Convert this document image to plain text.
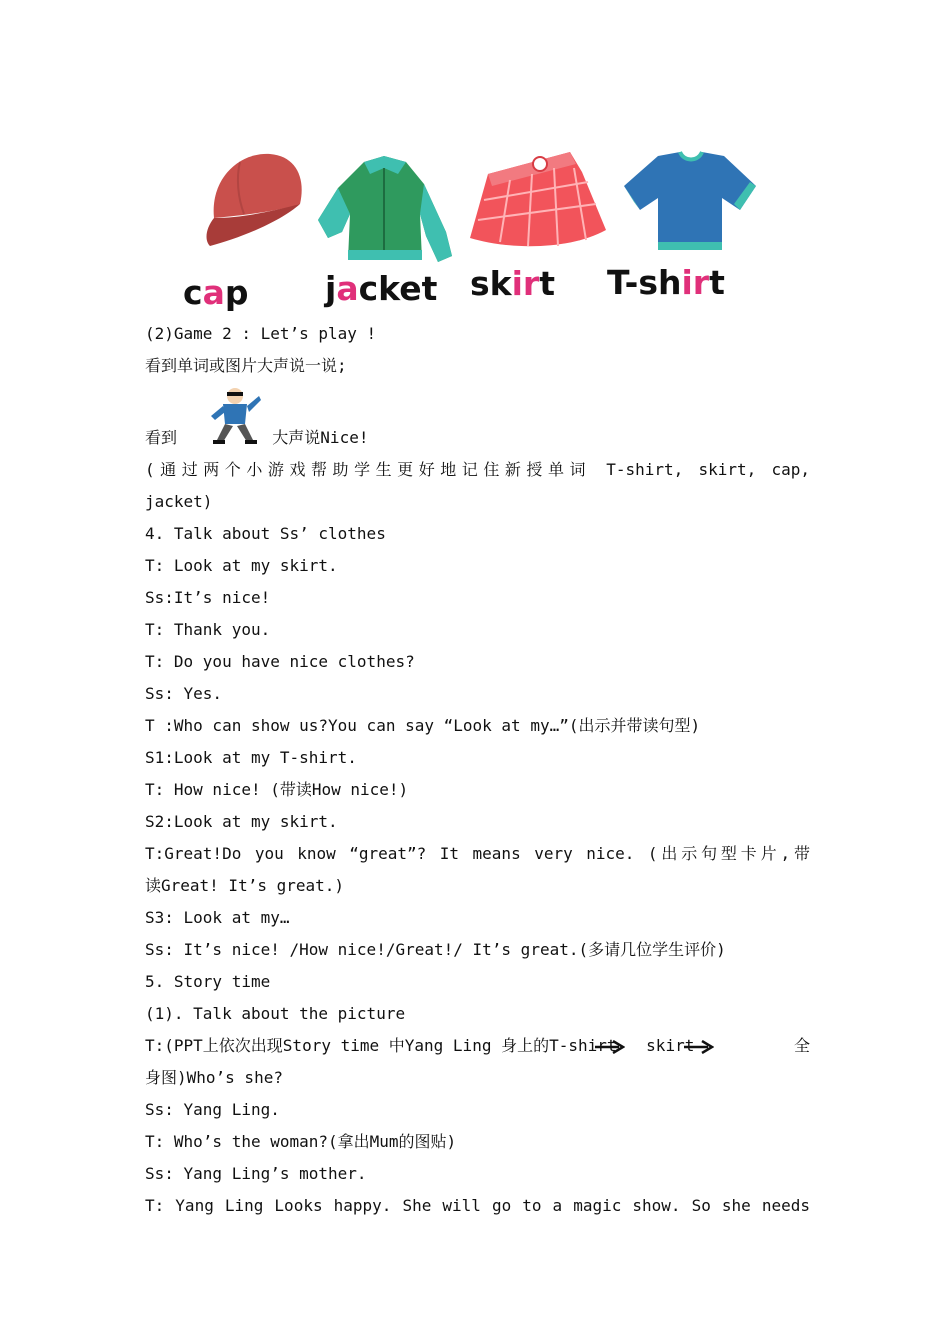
cap jacket skirt T-shirt
(2)Game 2 : Let’s play !
看到单词或图片大声说一说;
看到	大声说Nice!
(通过两个小游戏帮助学生更好地记住新授单词 T-shirt, skirt, cap,
jacket)
4. Talk about Ss’ clothes
T: Look at my skirt.
Ss:It’s nice!
T: Thank you.
T: Do you have nice clothes?
Ss: Yes.
T :Who can show us?You can say “Look at my…”(出示并带读句型)
S1:Look at my T-shirt.
T: How nice! (带读How nice!)
S2:Look at my skirt.
T:Great!Do you know “great”? It means very nice. (出示句型卡片,带
读Great! It’s great.)
S3: Look at my…
Ss: It’s nice! /How nice!/Great!/ It’s great.(多请几位学生评价)
5. Story time
(1). Talk about the picture
T:(PPT上依次出现Story time 中Yang Ling 身上的T-shirt skirt	全
身图)Who’s she?
Ss: Yang Ling.
T: Who’s the woman?(拿出Mum的图贴)
Ss: Yang Ling’s mother.
T: Yang Ling Looks happy. She will go to a magic show. So she needs
